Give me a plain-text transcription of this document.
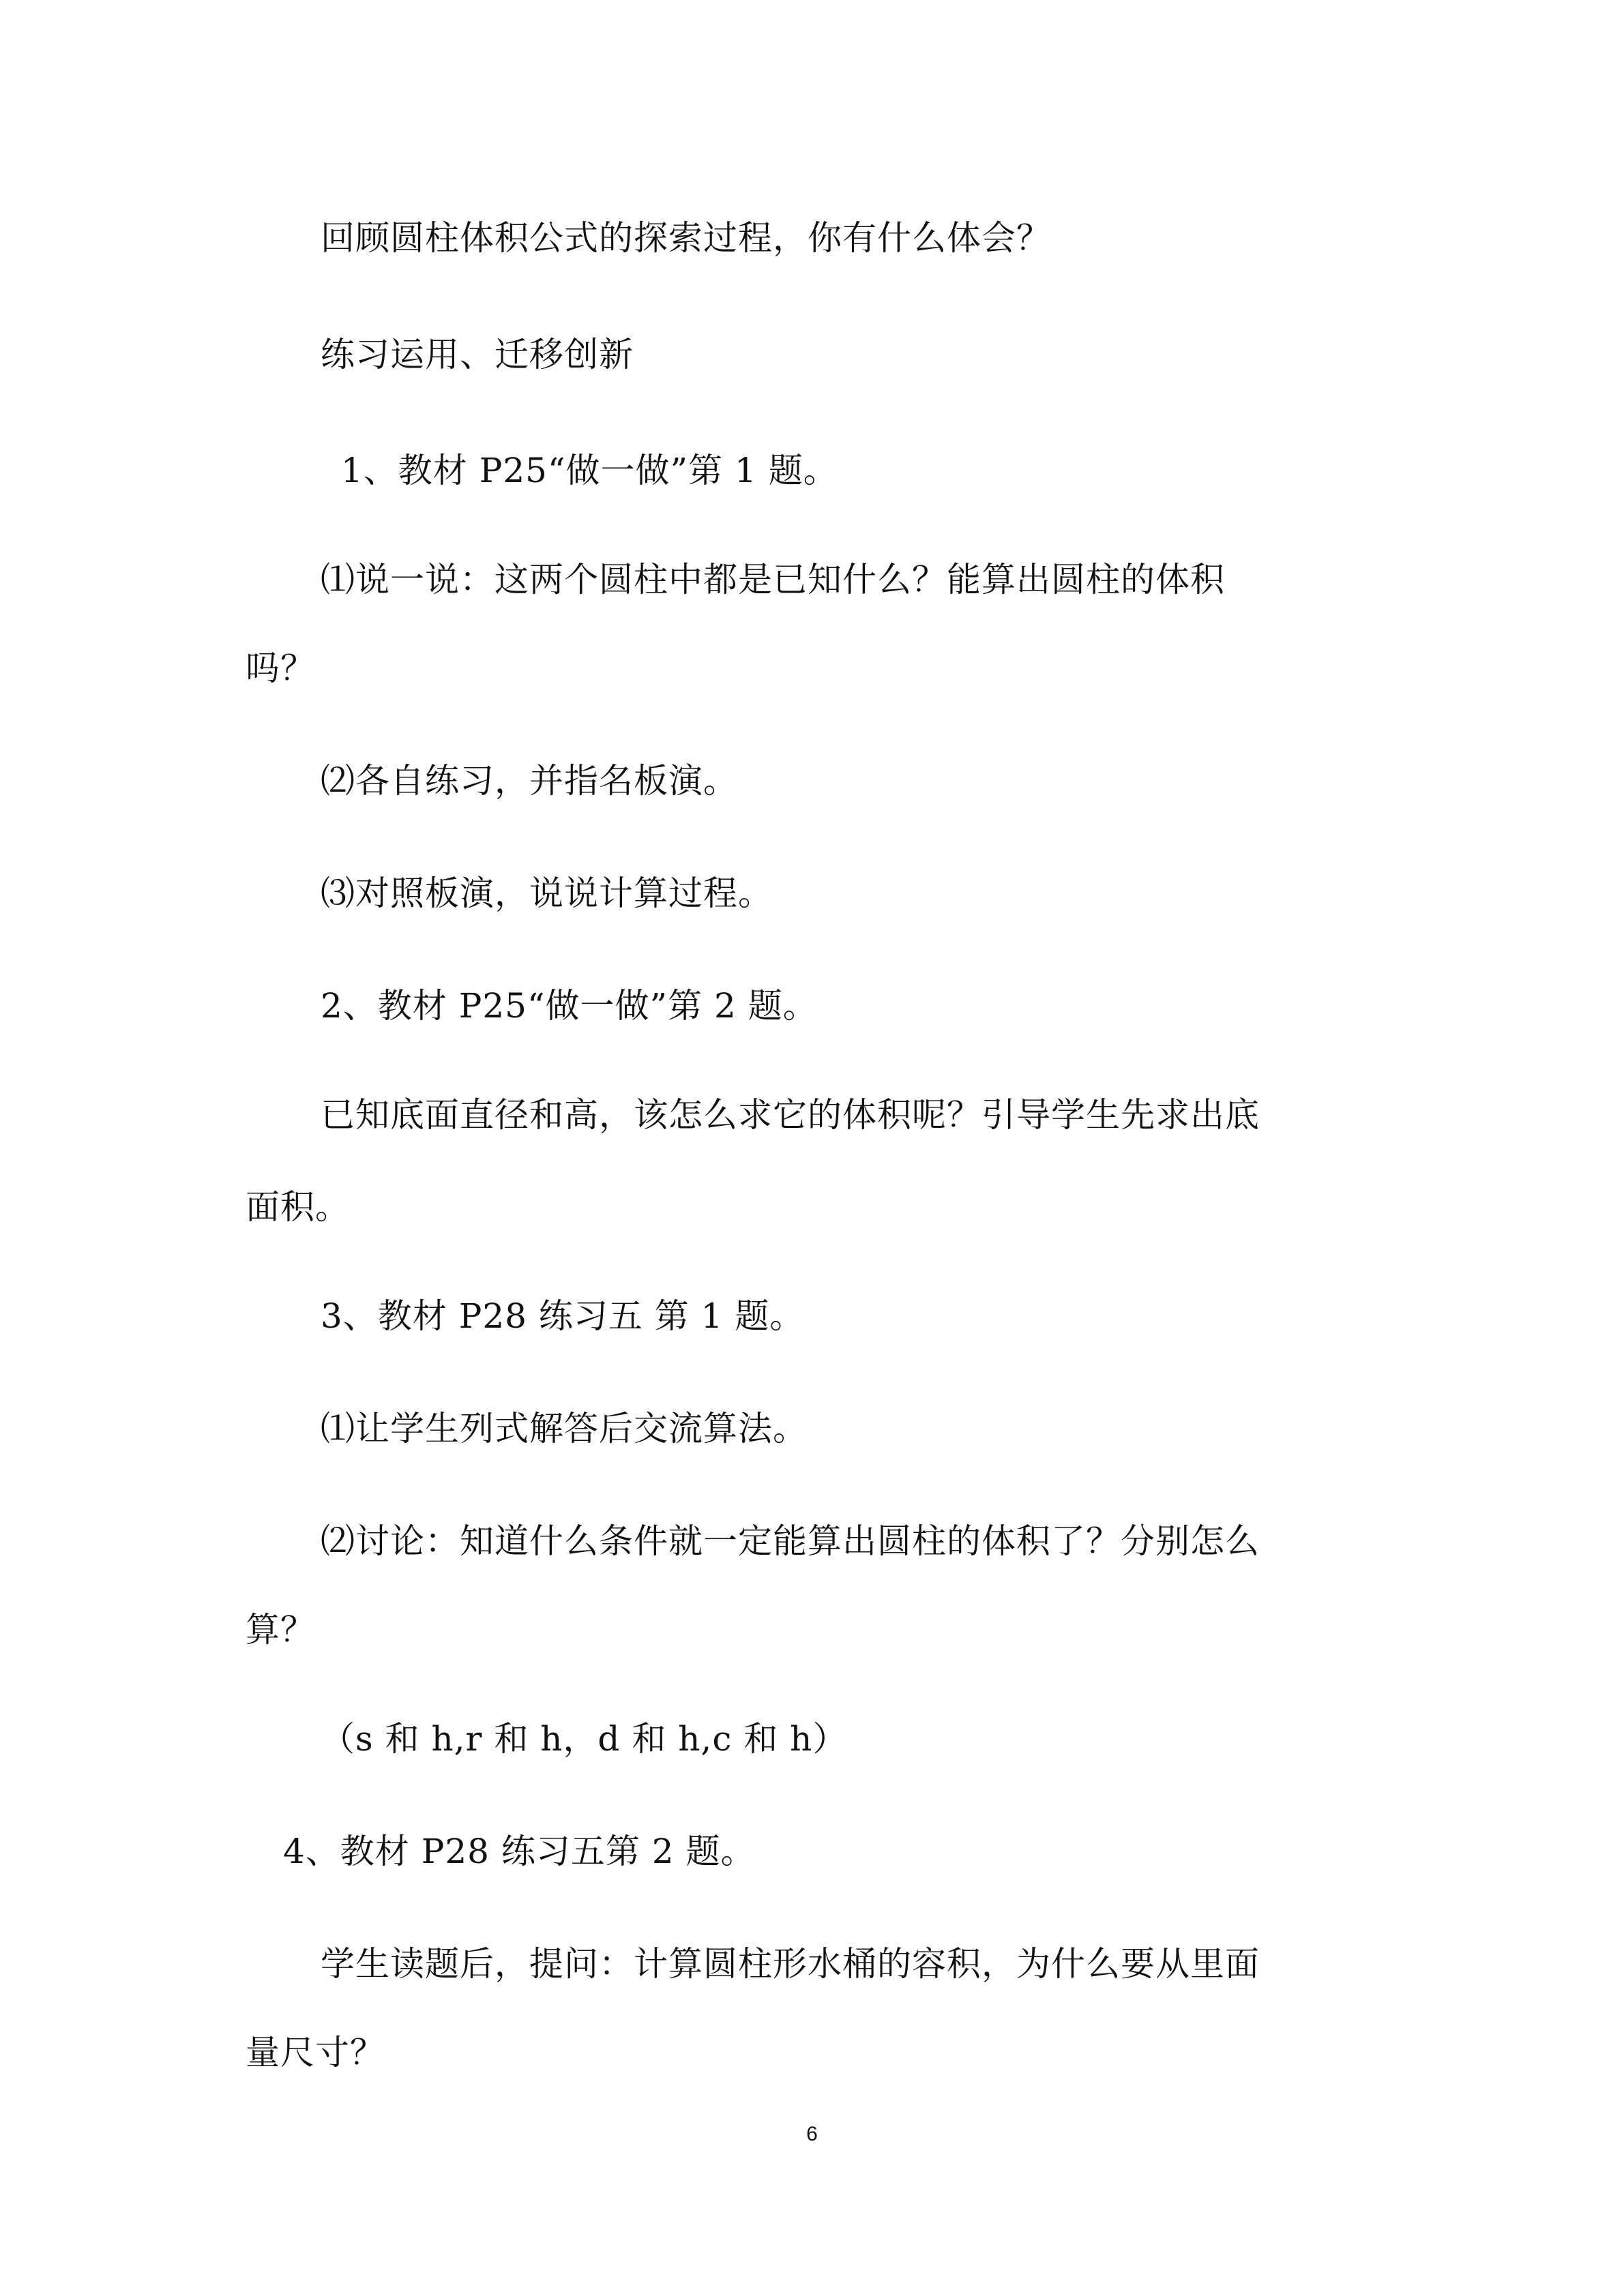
回顾圆柱体积公式的探索过程，你有什么体会？
练习运用、迁移创新
1、教材 P25“做一做”第 1 题。
⑴说一说：这两个圆柱中都是已知什么？能算出圆柱的体积
吗？
⑵各自练习，并指名板演。
⑶对照板演，说说计算过程。
2、教材 P25“做一做”第 2 题。
已知底面直径和高，该怎么求它的体积呢？引导学生先求出底
面积。
3、教材 P28 练习五 第 1 题。
⑴让学生列式解答后交流算法。
⑵讨论：知道什么条件就一定能算出圆柱的体积了？分别怎么
算？
（s 和 h,r 和 h，d 和 h,c 和 h）
4、教材 P28 练习五第 2 题。
学生读题后，提问：计算圆柱形水桶的容积，为什么要从里面
量尺寸？
6
